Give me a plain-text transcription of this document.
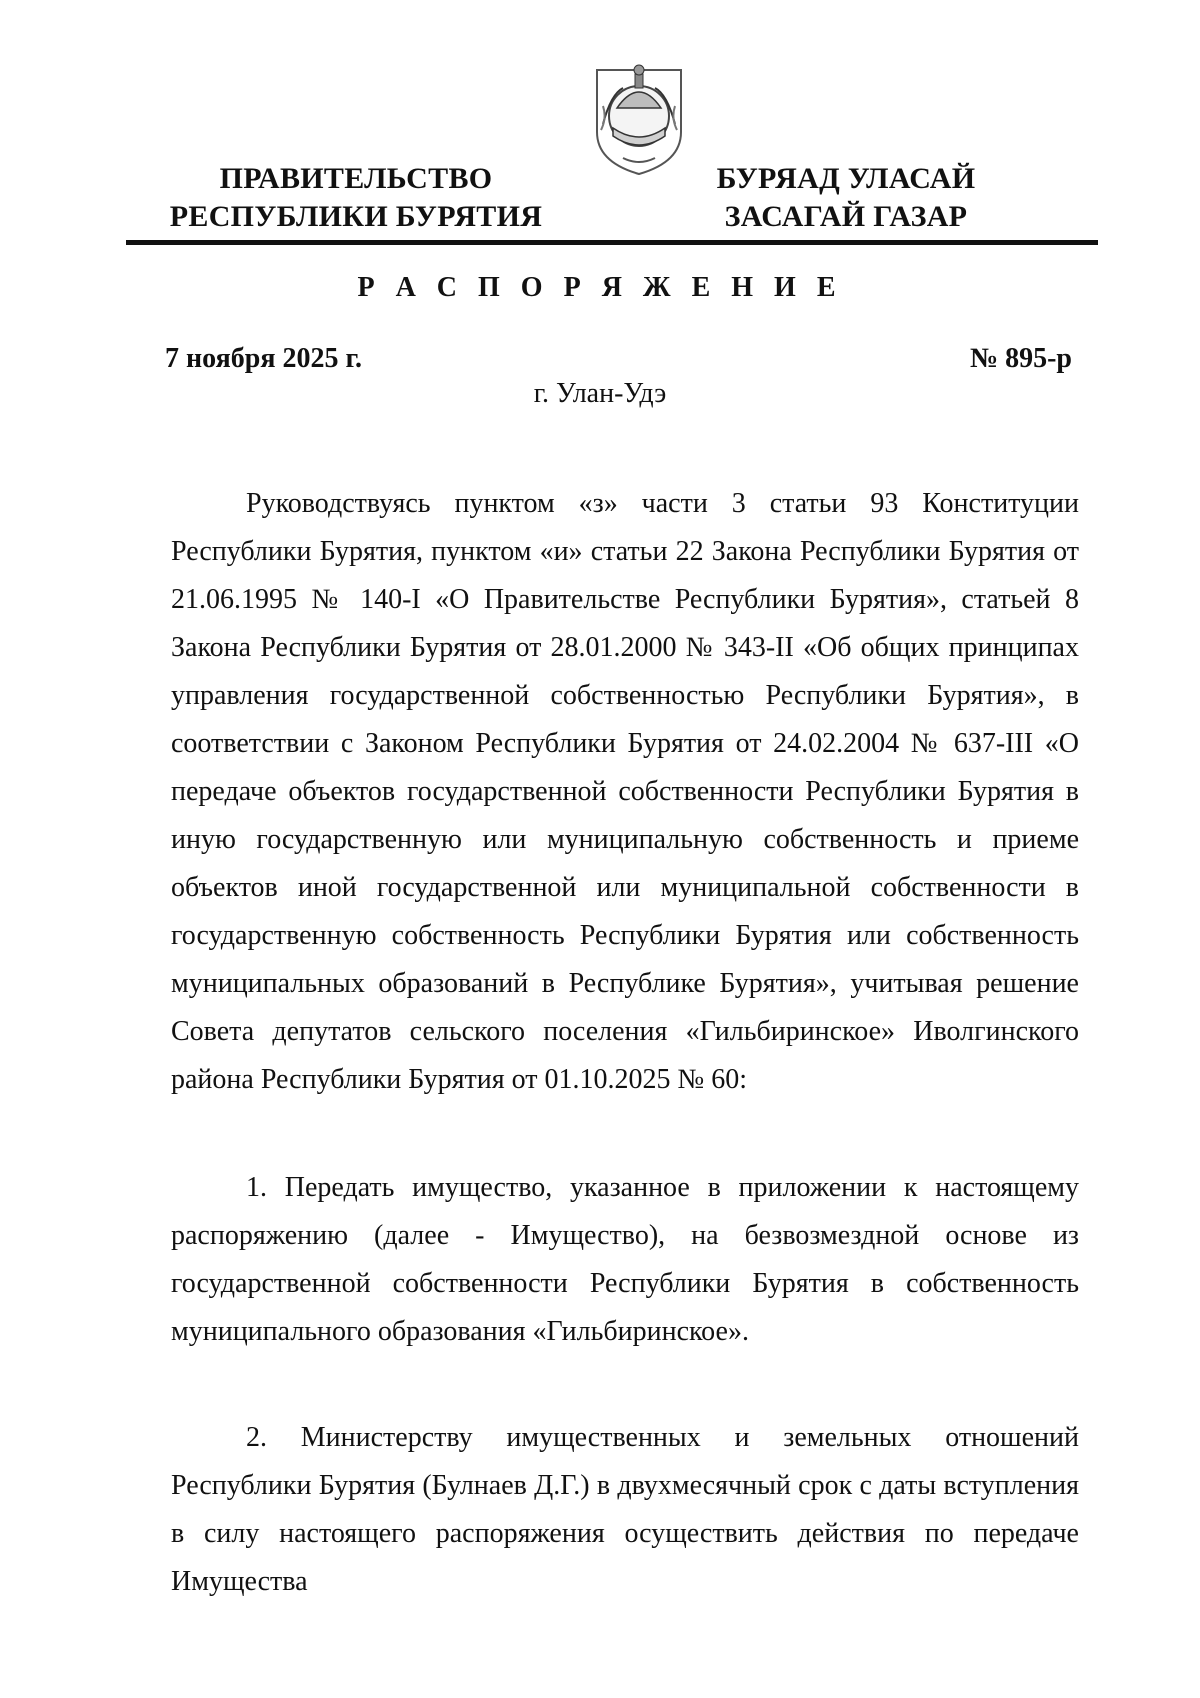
ПРАВИТЕЛЬСТВО
РЕСПУБЛИКИ БУРЯТИЯ
БУРЯАД УЛАСАЙ
ЗАСАГАЙ ГАЗАР
Р А С П О Р Я Ж Е Н И Е
7 ноября 2025 г.	№ 895-р
г. Улан-Удэ

Руководствуясь пунктом «з» части 3 статьи 93 Конституции Республики Бурятия, пунктом «и» статьи 22 Закона Республики Бурятия от 21.06.1995 № 140-I «О Правительстве Республики Бурятия», статьей 8 Закона Республики Бурятия от 28.01.2000 № 343-II «Об общих принципах управления государственной собственностью Республики Бурятия», в соответствии с Законом Республики Бурятия от 24.02.2004 № 637-III «О передаче объектов государственной собственности Республики Бурятия в иную государственную или муниципальную собственность и приеме объектов иной государственной или муниципальной собственности в государственную собственность Республики Бурятия или собственность муниципальных образований в Республике Бурятия», учитывая решение Совета депутатов сельского поселения «Гильбиринское» Иволгинского района Республики Бурятия от 01.10.2025 № 60:

1. Передать имущество, указанное в приложении к настоящему распоряжению (далее - Имущество), на безвозмездной основе из государственной собственности Республики Бурятия в собственность муниципального образования «Гильбиринское».

2. Министерству имущественных и земельных отношений Республики Бурятия (Булнаев Д.Г.) в двухмесячный срок с даты вступления в силу настоящего распоряжения осуществить действия по передаче Имущества
